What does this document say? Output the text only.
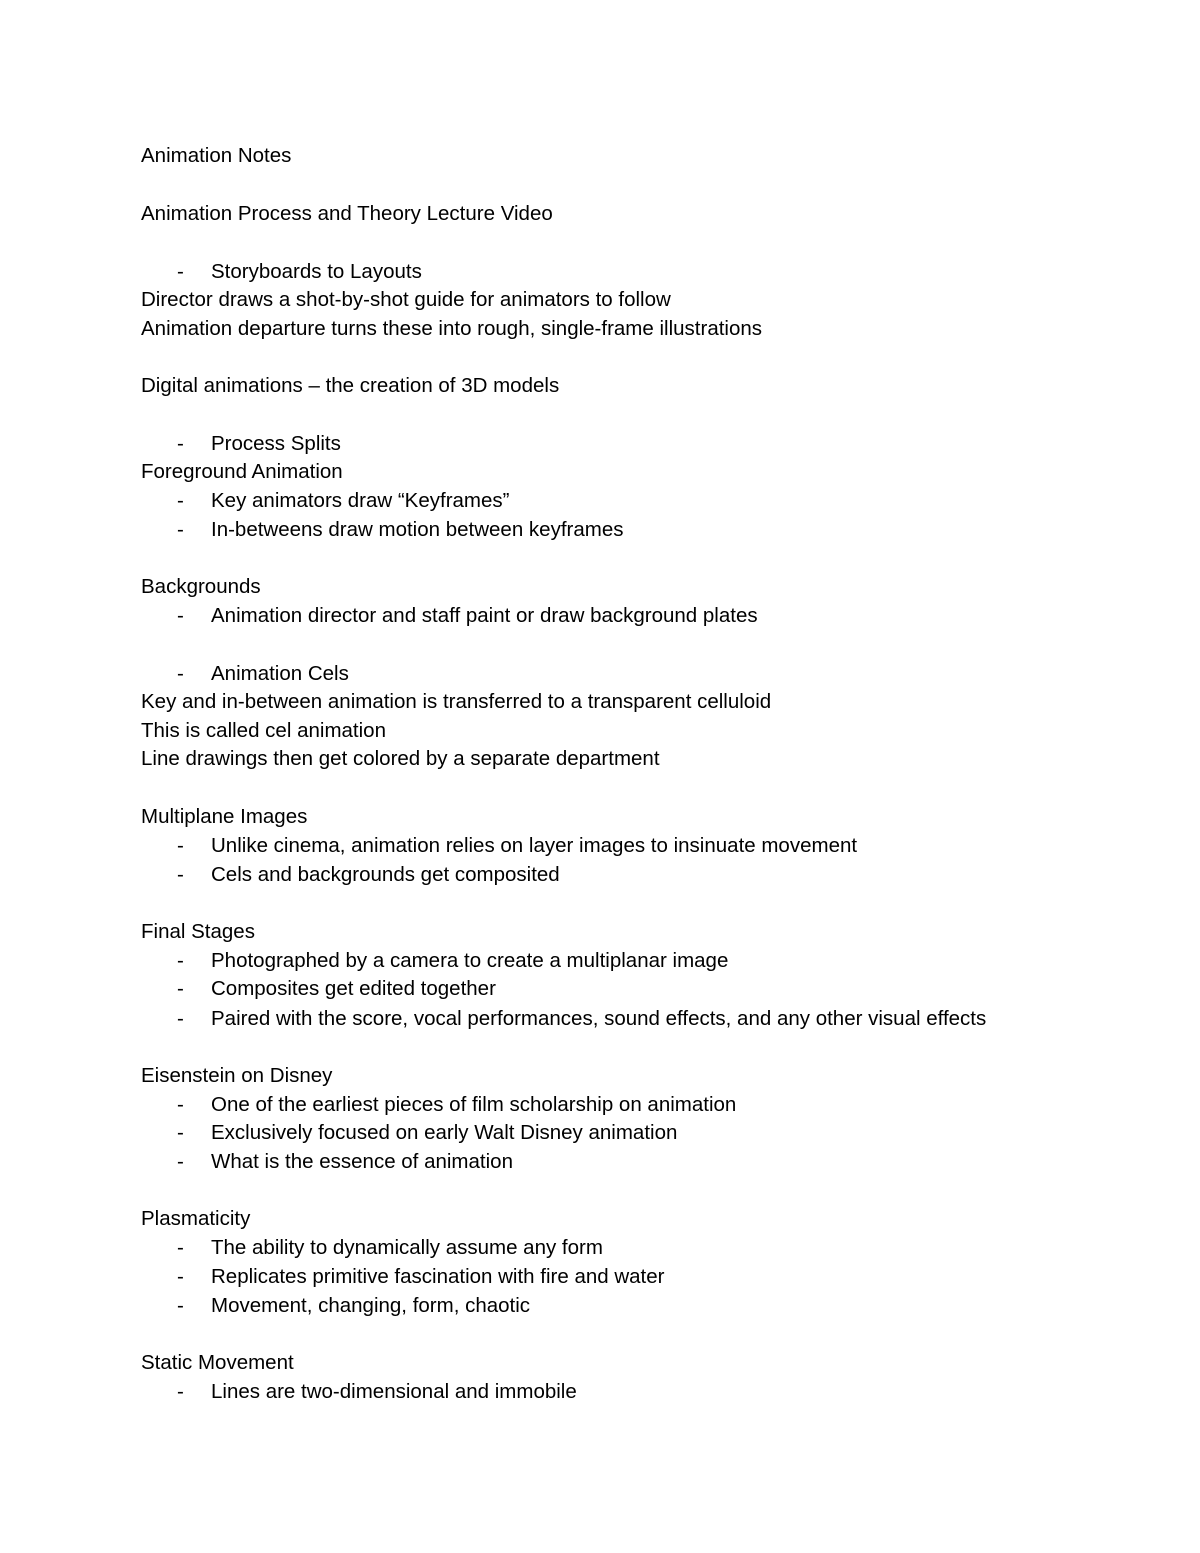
Animation Notes
Animation Process and Theory Lecture Video
- Storyboards to Layouts
Director draws a shot-by-shot guide for animators to follow
Animation departure turns these into rough, single-frame illustrations
Digital animations – the creation of 3D models
- Process Splits
Foreground Animation
- Key animators draw “Keyframes”
- In-betweens draw motion between keyframes
Backgrounds
- Animation director and staff paint or draw background plates
- Animation Cels
Key and in-between animation is transferred to a transparent celluloid
This is called cel animation
Line drawings then get colored by a separate department
Multiplane Images
- Unlike cinema, animation relies on layer images to insinuate movement
- Cels and backgrounds get composited
Final Stages
- Photographed by a camera to create a multiplanar image
- Composites get edited together
- Paired with the score, vocal performances, sound effects, and any other visual effects
Eisenstein on Disney
- One of the earliest pieces of film scholarship on animation
- Exclusively focused on early Walt Disney animation
- What is the essence of animation
Plasmaticity
- The ability to dynamically assume any form
- Replicates primitive fascination with fire and water
- Movement, changing, form, chaotic
Static Movement
- Lines are two-dimensional and immobile
